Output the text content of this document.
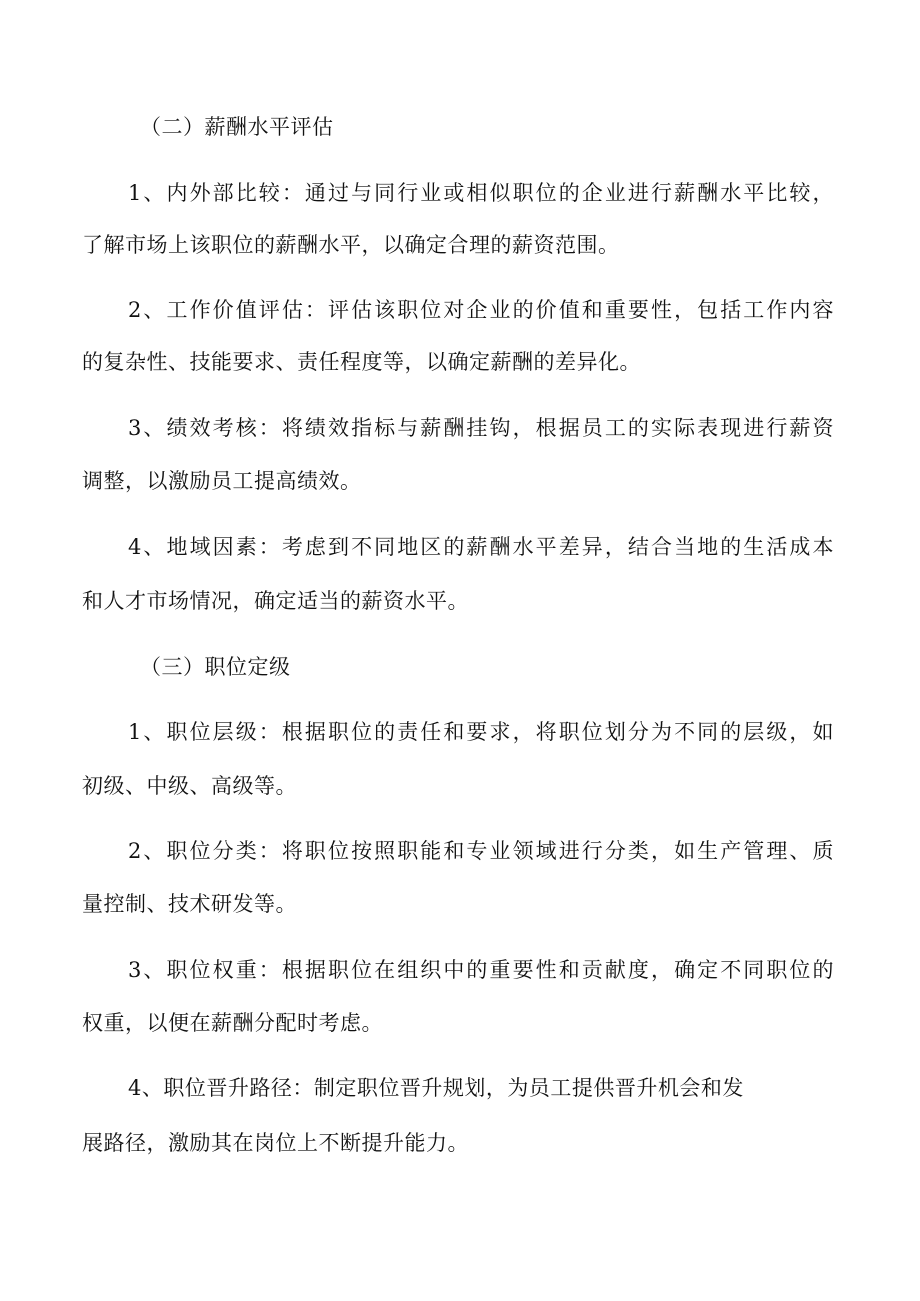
（二）薪酬水平评估
1、内外部比较：通过与同行业或相似职位的企业进行薪酬水平比较，
了解市场上该职位的薪酬水平，以确定合理的薪资范围。
2、工作价值评估：评估该职位对企业的价值和重要性，包括工作内容
的复杂性、技能要求、责任程度等，以确定薪酬的差异化。
3、绩效考核：将绩效指标与薪酬挂钩，根据员工的实际表现进行薪资
调整，以激励员工提高绩效。
4、地域因素：考虑到不同地区的薪酬水平差异，结合当地的生活成本
和人才市场情况，确定适当的薪资水平。
（三）职位定级
1、职位层级：根据职位的责任和要求，将职位划分为不同的层级，如
初级、中级、高级等。
2、职位分类：将职位按照职能和专业领域进行分类，如生产管理、质
量控制、技术研发等。
3、职位权重：根据职位在组织中的重要性和贡献度，确定不同职位的
权重，以便在薪酬分配时考虑。
4、职位晋升路径：制定职位晋升规划，为员工提供晋升机会和发
展路径，激励其在岗位上不断提升能力。
